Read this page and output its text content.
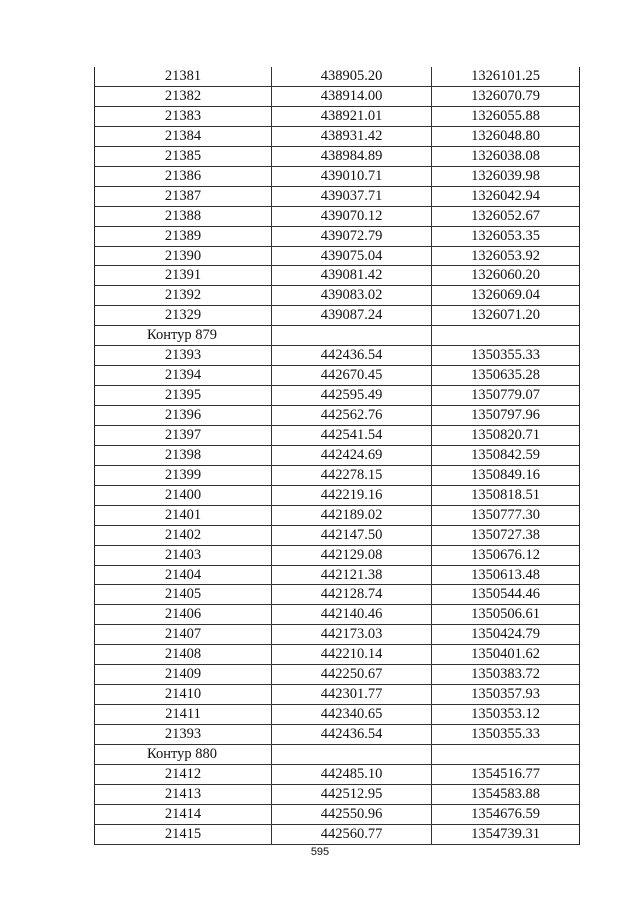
21381	438905.20	1326101.25
21382	438914.00	1326070.79
21383	438921.01	1326055.88
21384	438931.42	1326048.80
21385	438984.89	1326038.08
21386	439010.71	1326039.98
21387	439037.71	1326042.94
21388	439070.12	1326052.67
21389	439072.79	1326053.35
21390	439075.04	1326053.92
21391	439081.42	1326060.20
21392	439083.02	1326069.04
21329	439087.24	1326071.20
Контур 879
21393	442436.54	1350355.33
21394	442670.45	1350635.28
21395	442595.49	1350779.07
21396	442562.76	1350797.96
21397	442541.54	1350820.71
21398	442424.69	1350842.59
21399	442278.15	1350849.16
21400	442219.16	1350818.51
21401	442189.02	1350777.30
21402	442147.50	1350727.38
21403	442129.08	1350676.12
21404	442121.38	1350613.48
21405	442128.74	1350544.46
21406	442140.46	1350506.61
21407	442173.03	1350424.79
21408	442210.14	1350401.62
21409	442250.67	1350383.72
21410	442301.77	1350357.93
21411	442340.65	1350353.12
21393	442436.54	1350355.33
Контур 880
21412	442485.10	1354516.77
21413	442512.95	1354583.88
21414	442550.96	1354676.59
21415	442560.77	1354739.31
595
